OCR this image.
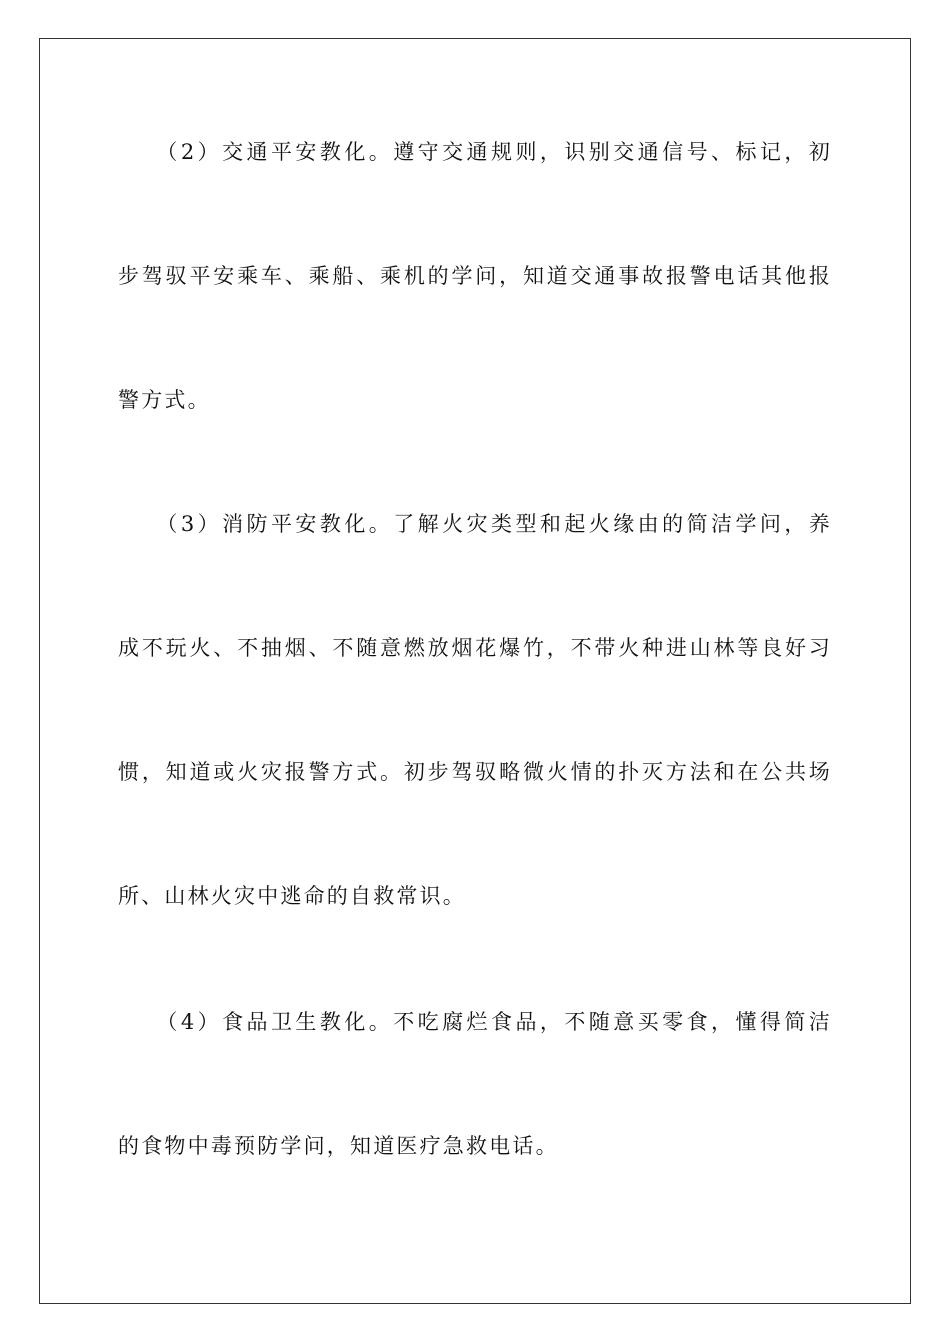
　　（2）交通平安教化。遵守交通规则，识别交通信号、标记，初
步驾驭平安乘车、乘船、乘机的学问，知道交通事故报警电话其他报
警方式。
　　（3）消防平安教化。了解火灾类型和起火缘由的简洁学问，养
成不玩火、不抽烟、不随意燃放烟花爆竹，不带火种进山林等良好习
惯，知道或火灾报警方式。初步驾驭略微火情的扑灭方法和在公共场
所、山林火灾中逃命的自救常识。
　　（4）食品卫生教化。不吃腐烂食品，不随意买零食，懂得简洁
的食物中毒预防学问，知道医疗急救电话。
